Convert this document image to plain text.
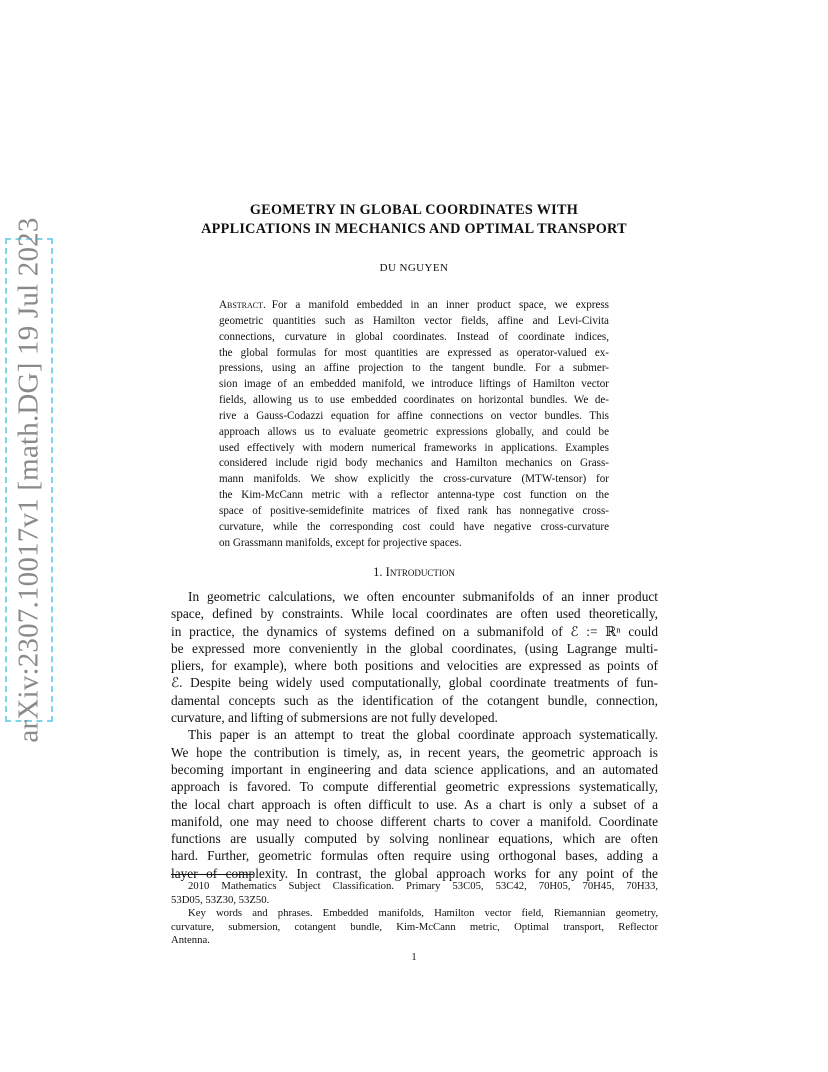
arXiv:2307.10017v1 [math.DG] 19 Jul 2023
GEOMETRY IN GLOBAL COORDINATES WITH
APPLICATIONS IN MECHANICS AND OPTIMAL TRANSPORT
DU NGUYEN
Abstract. For a manifold embedded in an inner product space, we express
geometric quantities such as Hamilton vector fields, affine and Levi-Civita
connections, curvature in global coordinates. Instead of coordinate indices,
the global formulas for most quantities are expressed as operator-valued ex-
pressions, using an affine projection to the tangent bundle. For a submer-
sion image of an embedded manifold, we introduce liftings of Hamilton vector
fields, allowing us to use embedded coordinates on horizontal bundles. We de-
rive a Gauss-Codazzi equation for affine connections on vector bundles. This
approach allows us to evaluate geometric expressions globally, and could be
used effectively with modern numerical frameworks in applications. Examples
considered include rigid body mechanics and Hamilton mechanics on Grass-
mann manifolds. We show explicitly the cross-curvature (MTW-tensor) for
the Kim-McCann metric with a reflector antenna-type cost function on the
space of positive-semidefinite matrices of fixed rank has nonnegative cross-
curvature, while the corresponding cost could have negative cross-curvature
on Grassmann manifolds, except for projective spaces.
1. Introduction
In geometric calculations, we often encounter submanifolds of an inner product
space, defined by constraints. While local coordinates are often used theoretically,
in practice, the dynamics of systems defined on a submanifold of ℰ := ℝⁿ could
be expressed more conveniently in the global coordinates, (using Lagrange multi-
pliers, for example), where both positions and velocities are expressed as points of
ℰ. Despite being widely used computationally, global coordinate treatments of fun-
damental concepts such as the identification of the cotangent bundle, connection,
curvature, and lifting of submersions are not fully developed.
This paper is an attempt to treat the global coordinate approach systematically.
We hope the contribution is timely, as, in recent years, the geometric approach is
becoming important in engineering and data science applications, and an automated
approach is favored. To compute differential geometric expressions systematically,
the local chart approach is often difficult to use. As a chart is only a subset of a
manifold, one may need to choose different charts to cover a manifold. Coordinate
functions are usually computed by solving nonlinear equations, which are often
hard. Further, geometric formulas often require using orthogonal bases, adding a
layer of complexity. In contrast, the global approach works for any point of the
2010 Mathematics Subject Classification. Primary 53C05, 53C42, 70H05, 70H45, 70H33,
53D05, 53Z30, 53Z50.
Key words and phrases. Embedded manifolds, Hamilton vector field, Riemannian geometry,
curvature, submersion, cotangent bundle, Kim-McCann metric, Optimal transport, Reflector
Antenna.
1
